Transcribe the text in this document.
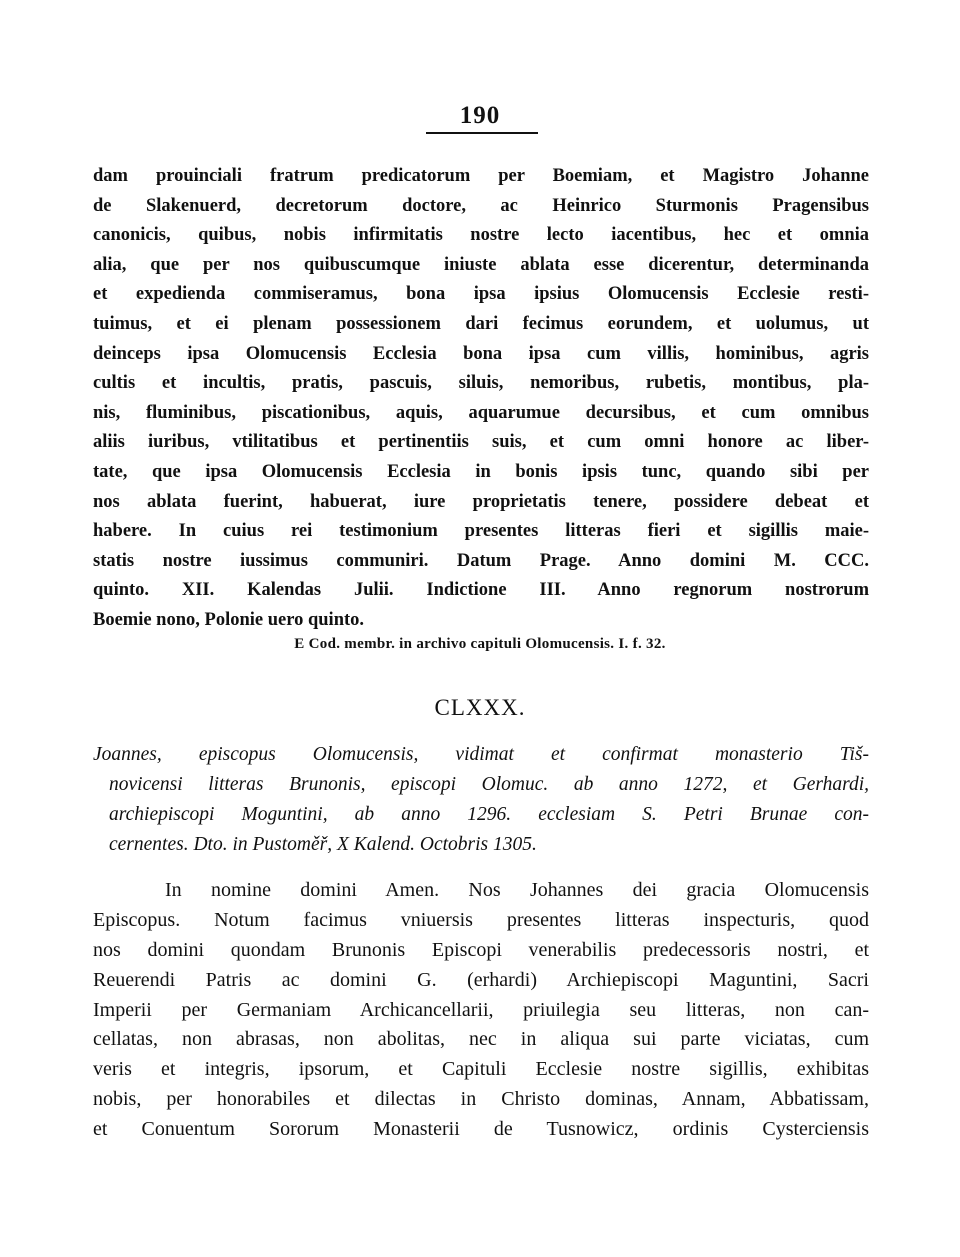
190
dam prouinciali fratrum predicatorum per Boemiam, et Magistro Johanne
de Slakenuerd, decretorum doctore, ac Heinrico Sturmonis Pragensibus
canonicis, quibus, nobis infirmitatis nostre lecto iacentibus, hec et omnia
alia, que per nos quibuscumque iniuste ablata esse dicerentur, determinanda
et expedienda commiseramus, bona ipsa ipsius Olomucensis Ecclesie resti-
tuimus, et ei plenam possessionem dari fecimus eorundem, et uolumus, ut
deinceps ipsa Olomucensis Ecclesia bona ipsa cum villis, hominibus, agris
cultis et incultis, pratis, pascuis, siluis, nemoribus, rubetis, montibus, pla-
nis, fluminibus, piscationibus, aquis, aquarumue decursibus, et cum omnibus
aliis iuribus, vtilitatibus et pertinentiis suis, et cum omni honore ac liber-
tate, que ipsa Olomucensis Ecclesia in bonis ipsis tunc, quando sibi per
nos ablata fuerint, habuerat, iure proprietatis tenere, possidere debeat et
habere. In cuius rei testimonium presentes litteras fieri et sigillis maie-
statis nostre iussimus communiri. Datum Prage. Anno domini M. CCC.
quinto. XII. Kalendas Julii. Indictione III. Anno regnorum nostrorum
Boemie nono, Polonie uero quinto.
E Cod. membr. in archivo capituli Olomucensis. I. f. 32.
CLXXX.
Joannes, episcopus Olomucensis, vidimat et confirmat monasterio Tiš-
novicensi litteras Brunonis, episcopi Olomuc. ab anno 1272, et Gerhardi,
archiepiscopi Moguntini, ab anno 1296. ecclesiam S. Petri Brunae con-
cernentes. Dto. in Pustoměř, X Kalend. Octobris 1305.
In nomine domini Amen. Nos Johannes dei gracia Olomucensis
Episcopus. Notum facimus vniuersis presentes litteras inspecturis, quod
nos domini quondam Brunonis Episcopi venerabilis predecessoris nostri, et
Reuerendi Patris ac domini G. (erhardi) Archiepiscopi Maguntini, Sacri
Imperii per Germaniam Archicancellarii, priuilegia seu litteras, non can-
cellatas, non abrasas, non abolitas, nec in aliqua sui parte viciatas, cum
veris et integris, ipsorum, et Capituli Ecclesie nostre sigillis, exhibitas
nobis, per honorabiles et dilectas in Christo dominas, Annam, Abbatissam,
et Conuentum Sororum Monasterii de Tusnowicz, ordinis Cysterciensis
